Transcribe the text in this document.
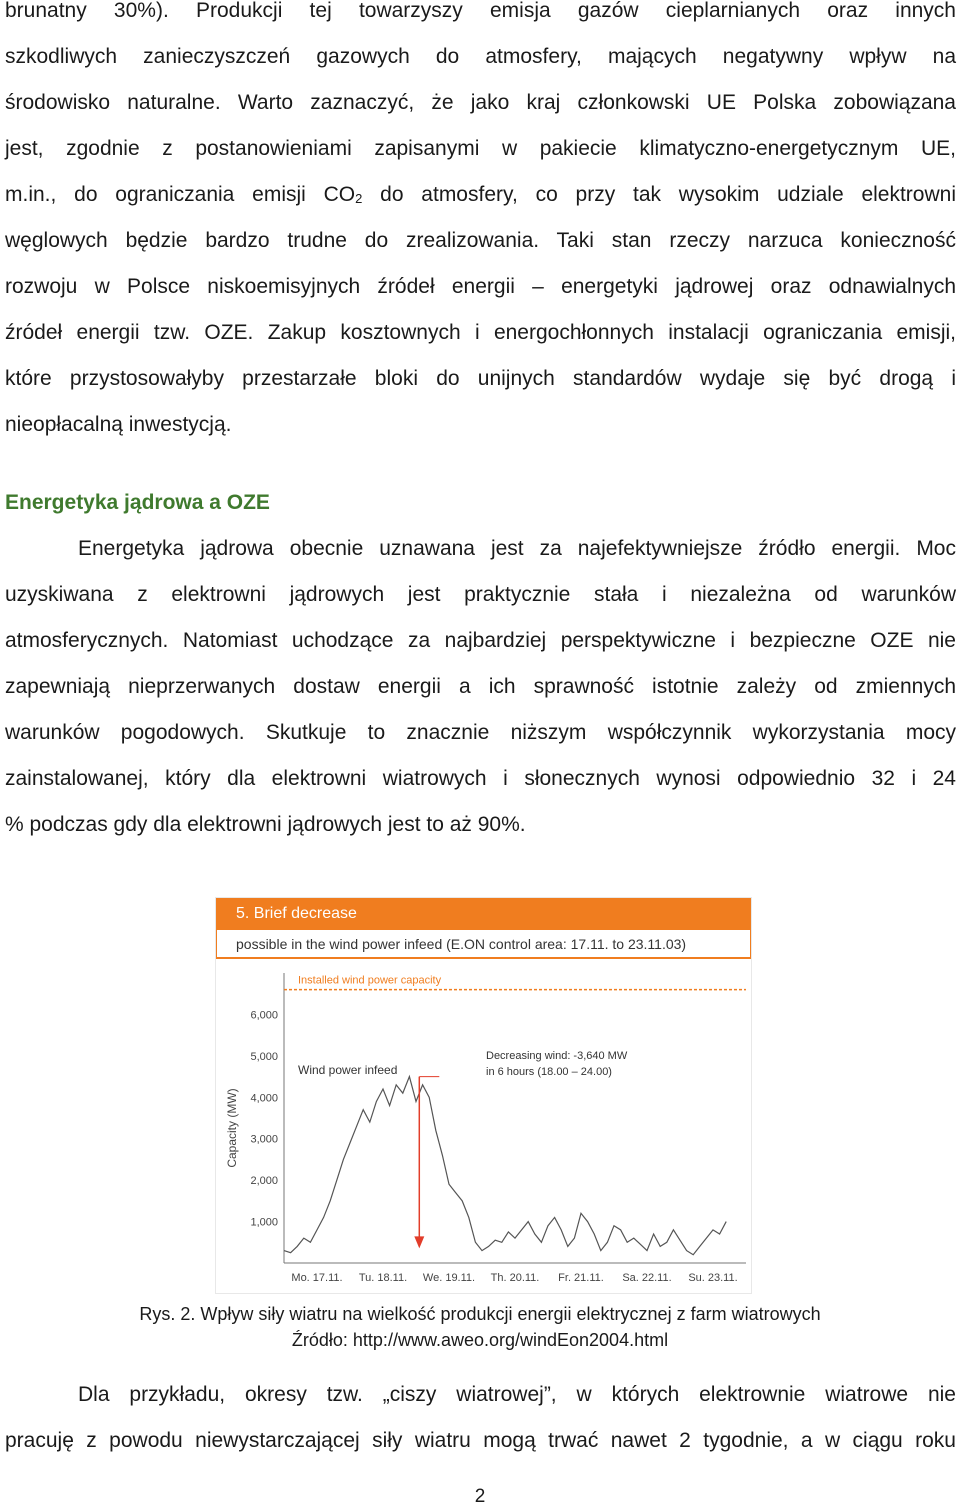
brunatny 30%). Produkcji tej towarzyszy emisja gazów cieplarnianych oraz innych
szkodliwych zanieczyszczeń gazowych do atmosfery, mających negatywny wpływ na
środowisko naturalne. Warto zaznaczyć, że jako kraj członkowski UE Polska zobowiązana
jest, zgodnie z postanowieniami zapisanymi w pakiecie klimatyczno-energetycznym UE,
m.in., do ograniczania emisji $CO_2$ do atmosfery, co przy tak wysokim udziale elektrowni
węglowych będzie bardzo trudne do zrealizowania. Taki stan rzeczy narzuca konieczność
rozwoju w Polsce niskoemisyjnych źródeł energii – energetyki jądrowej oraz odnawialnych
źródeł energii tzw. OZE. Zakup kosztownych i energochłonnych instalacji ograniczania emisji,
które przystosowałyby przestarzałe bloki do unijnych standardów wydaje się być drogą i
nieopłacalną inwestycją.
Energetyka jądrowa a OZE
Energetyka jądrowa obecnie uznawana jest za najefektywniejsze źródło energii. Moc
uzyskiwana z elektrowni jądrowych jest praktycznie stała i niezależna od warunków
atmosferycznych. Natomiast uchodzące za najbardziej perspektywiczne i bezpieczne OZE nie
zapewniają nieprzerwanych dostaw energii a ich sprawność istotnie zależy od zmiennych
warunków pogodowych. Skutkuje to znacznie niższym współczynnik wykorzystania mocy
zainstalowanej, który dla elektrowni wiatrowych i słonecznych wynosi odpowiednio 32 i 24
% podczas gdy dla elektrowni jądrowych jest to aż 90%.
5. Brief decrease
possible in the wind power infeed (E.ON control area: 17.11. to 23.11.03)
Capacity (MW)
1,000
2,000
3,000
4,000
5,000
6,000
Mo. 17.11. Tu. 18.11. We. 19.11. Th. 20.11. Fr. 21.11. Sa. 22.11. Su. 23.11.
Installed wind power capacity
Wind power infeed
Decreasing wind: -3,640 MW
in 6 hours (18.00 – 24.00)
Rys. 2. Wpływ siły wiatru na wielkość produkcji energii elektrycznej z farm wiatrowych
Źródło: http://www.aweo.org/windEon2004.html
Dla przykładu, okresy tzw. „ciszy wiatrowej”, w których elektrownie wiatrowe nie
pracuję z powodu niewystarczającej siły wiatru mogą trwać nawet 2 tygodnie, a w ciągu roku
2
